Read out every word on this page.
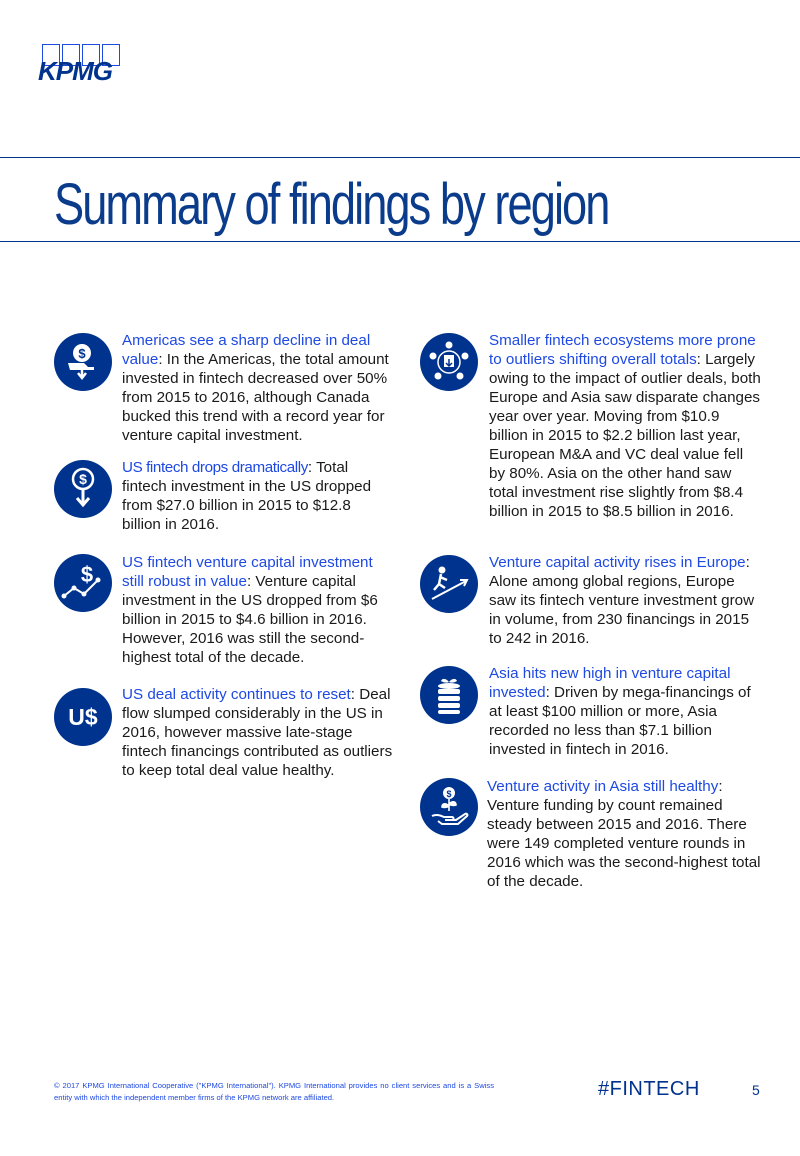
KPMG
Summary of findings by region
$
Americas see a sharp decline in deal value: In the Americas, the total amount invested in fintech decreased over 50% from 2015 to 2016, although Canada bucked this trend with a record year for venture capital investment.
$
US fintech drops dramatically: Total fintech investment in the US dropped from $27.0 billion in 2015 to $12.8 billion in 2016.
$ US fintech venture capital investment still robust in value: Venture capital investment in the US dropped from $6 billion in 2015 to $4.6 billion in 2016. However, 2016 was still the second-highest total of the decade.
U$
US deal activity continues to reset: Deal flow slumped considerably in the US in 2016, however massive late-stage fintech financings contributed as outliers to keep total deal value healthy.
Smaller fintech ecosystems more prone to outliers shifting overall totals: Largely owing to the impact of outlier deals, both Europe and Asia saw disparate changes year over year. Moving from $10.9 billion in 2015 to $2.2 billion last year, European M&A and VC deal value fell by 80%. Asia on the other hand saw total investment rise slightly from $8.4 billion in 2015 to $8.5 billion in 2016.
Venture capital activity rises in Europe: Alone among global regions, Europe saw its fintech venture investment grow in volume, from 230 financings in 2015 to 242 in 2016.
Asia hits new high in venture capital invested: Driven by mega-financings of at least $100 million or more, Asia recorded no less than $7.1 billion invested in fintech in 2016.
$ Venture activity in Asia still healthy: Venture funding by count remained steady between 2015 and 2016. There were 149 completed venture rounds in 2016 which was the second-highest total of the decade.
© 2017 KPMG International Cooperative ("KPMG International"). KPMG International provides no client services and is a Swiss entity with which the independent member firms of the KPMG network are affiliated.	#FINTECH	5
